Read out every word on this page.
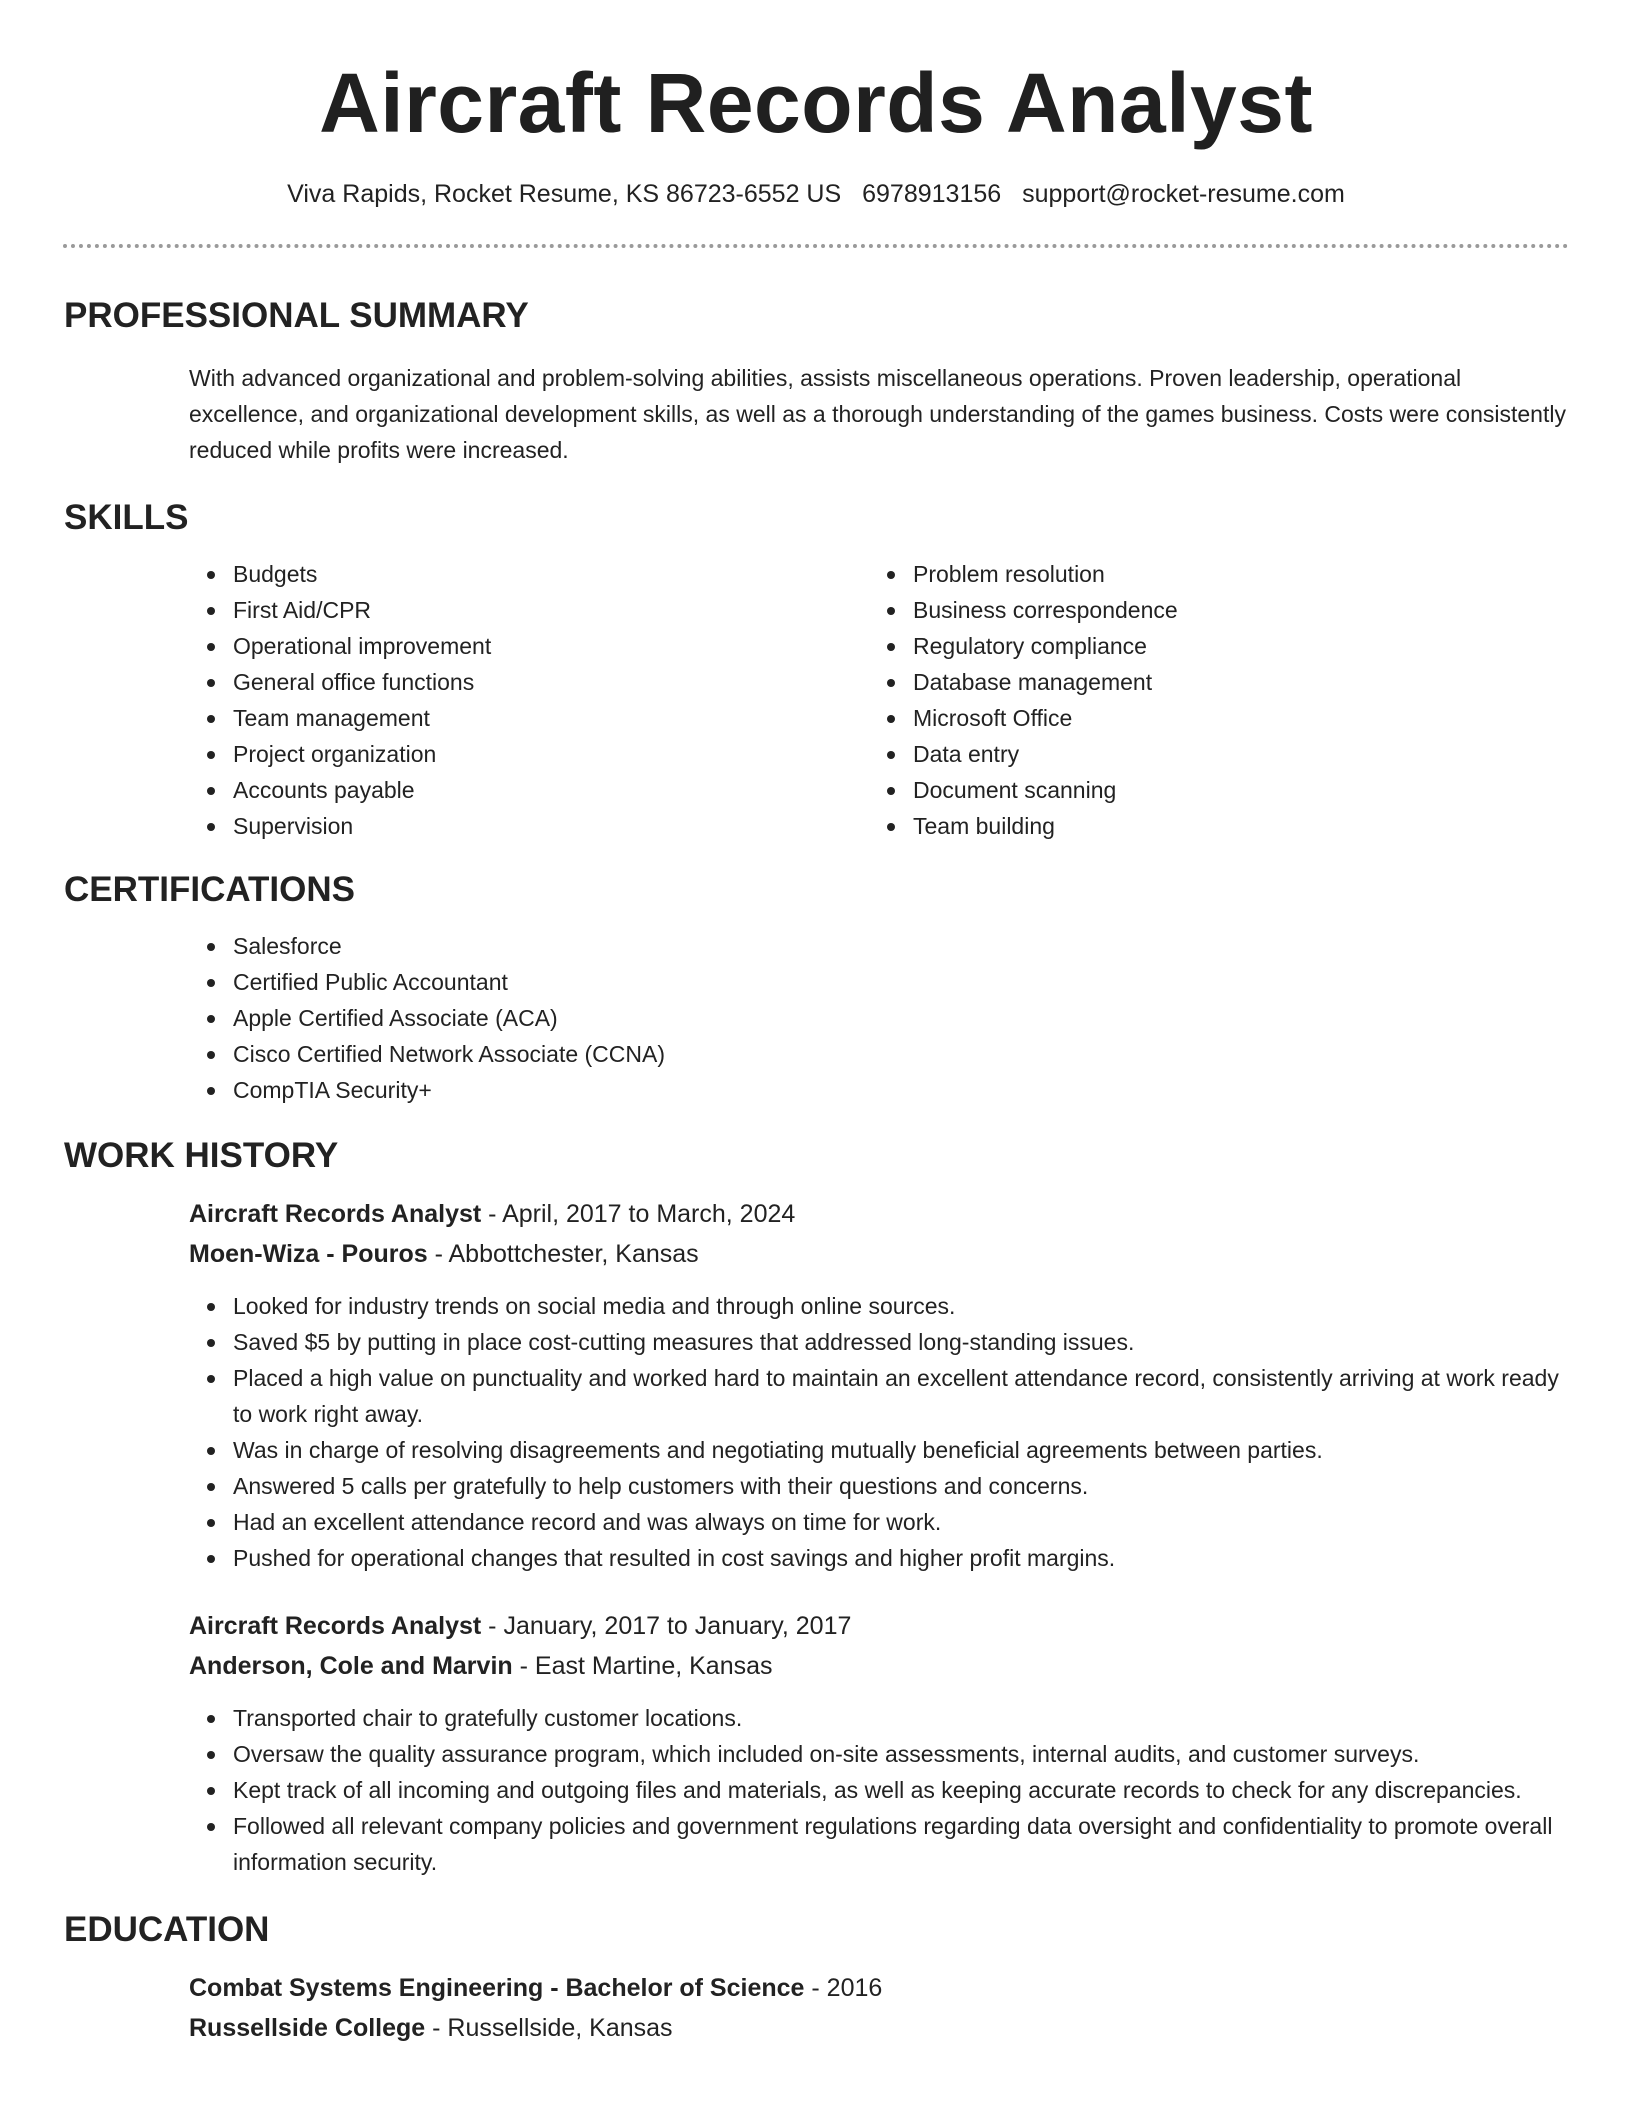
Aircraft Records Analyst
Viva Rapids, Rocket Resume, KS 86723-6552 US 6978913156 support@rocket-resume.com
PROFESSIONAL SUMMARY

With advanced organizational and problem-solving abilities, assists miscellaneous operations. Proven leadership, operational excellence, and organizational development skills, as well as a thorough understanding of the games business. Costs were consistently reduced while profits were increased.

SKILLS
Budgets
First Aid/CPR
Operational improvement
General office functions
Team management
Project organization
Accounts payable
Supervision
Problem resolution
Business correspondence
Regulatory compliance
Database management
Microsoft Office
Data entry
Document scanning
Team building
CERTIFICATIONS
Salesforce
Certified Public Accountant
Apple Certified Associate (ACA)
Cisco Certified Network Associate (CCNA)
CompTIA Security+
WORK HISTORY
Aircraft Records Analyst - April, 2017 to March, 2024
Moen-Wiza - Pouros - Abbottchester, Kansas
Looked for industry trends on social media and through online sources.
Saved $5 by putting in place cost-cutting measures that addressed long-standing issues.
Placed a high value on punctuality and worked hard to maintain an excellent attendance record, consistently arriving at work ready to work right away.
Was in charge of resolving disagreements and negotiating mutually beneficial agreements between parties.
Answered 5 calls per gratefully to help customers with their questions and concerns.
Had an excellent attendance record and was always on time for work.
Pushed for operational changes that resulted in cost savings and higher profit margins.
Aircraft Records Analyst - January, 2017 to January, 2017
Anderson, Cole and Marvin - East Martine, Kansas
Transported chair to gratefully customer locations.
Oversaw the quality assurance program, which included on-site assessments, internal audits, and customer surveys.
Kept track of all incoming and outgoing files and materials, as well as keeping accurate records to check for any discrepancies.
Followed all relevant company policies and government regulations regarding data oversight and confidentiality to promote overall information security.
EDUCATION
Combat Systems Engineering - Bachelor of Science - 2016
Russellside College - Russellside, Kansas
